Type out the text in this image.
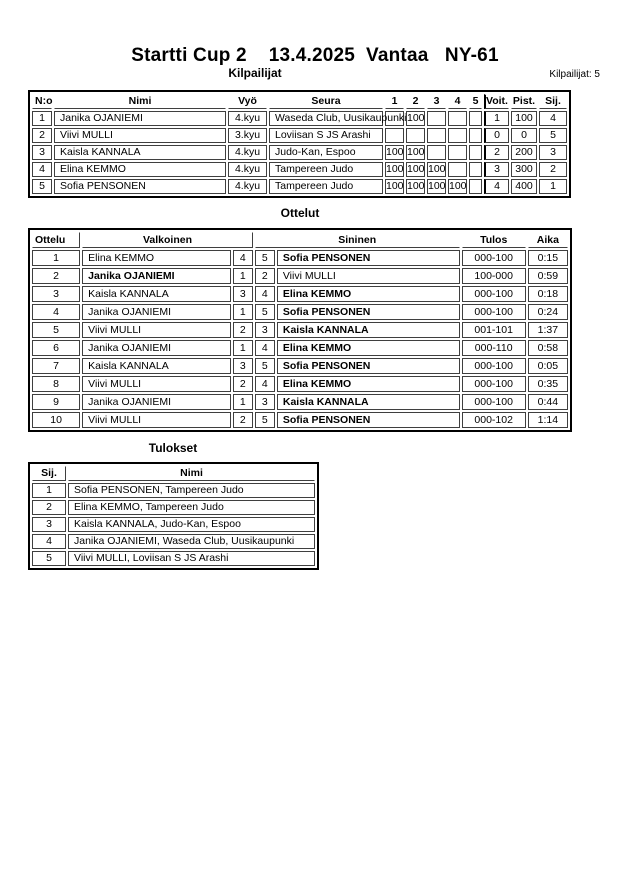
Startti Cup 2    13.4.2025  Vantaa   NY-61
Kilpailijat	Kilpailijat: 5
N:o	Nimi	Vyö	Seura	1	2	3	4	5	Voit.	Pist.	Sij.
1	Janika OJANIEMI	4.kyu	Waseda Club, Uusikaupunki		100				1	100	4
2	Viivi MULLI	3.kyu	Loviisan S JS Arashi						0	0	5
3	Kaisla KANNALA	4.kyu	Judo-Kan, Espoo	100	100				2	200	3
4	Elina KEMMO	4.kyu	Tampereen Judo	100	100	100			3	300	2
5	Sofia PENSONEN	4.kyu	Tampereen Judo	100	100	100	100		4	400	1
Ottelut
Ottelu	Valkoinen		Sininen		Tulos	Aika
1	Elina KEMMO	4	5	Sofia PENSONEN	000-100	0:15
2	Janika OJANIEMI	1	2	Viivi MULLI	100-000	0:59
3	Kaisla KANNALA	3	4	Elina KEMMO	000-100	0:18
4	Janika OJANIEMI	1	5	Sofia PENSONEN	000-100	0:24
5	Viivi MULLI	2	3	Kaisla KANNALA	001-101	1:37
6	Janika OJANIEMI	1	4	Elina KEMMO	000-110	0:58
7	Kaisla KANNALA	3	5	Sofia PENSONEN	000-100	0:05
8	Viivi MULLI	2	4	Elina KEMMO	000-100	0:35
9	Janika OJANIEMI	1	3	Kaisla KANNALA	000-100	0:44
10	Viivi MULLI	2	5	Sofia PENSONEN	000-102	1:14
Tulokset
Sij.	Nimi
1	Sofia PENSONEN, Tampereen Judo
2	Elina KEMMO, Tampereen Judo
3	Kaisla KANNALA, Judo-Kan, Espoo
4	Janika OJANIEMI, Waseda Club, Uusikaupunki
5	Viivi MULLI, Loviisan S JS Arashi
